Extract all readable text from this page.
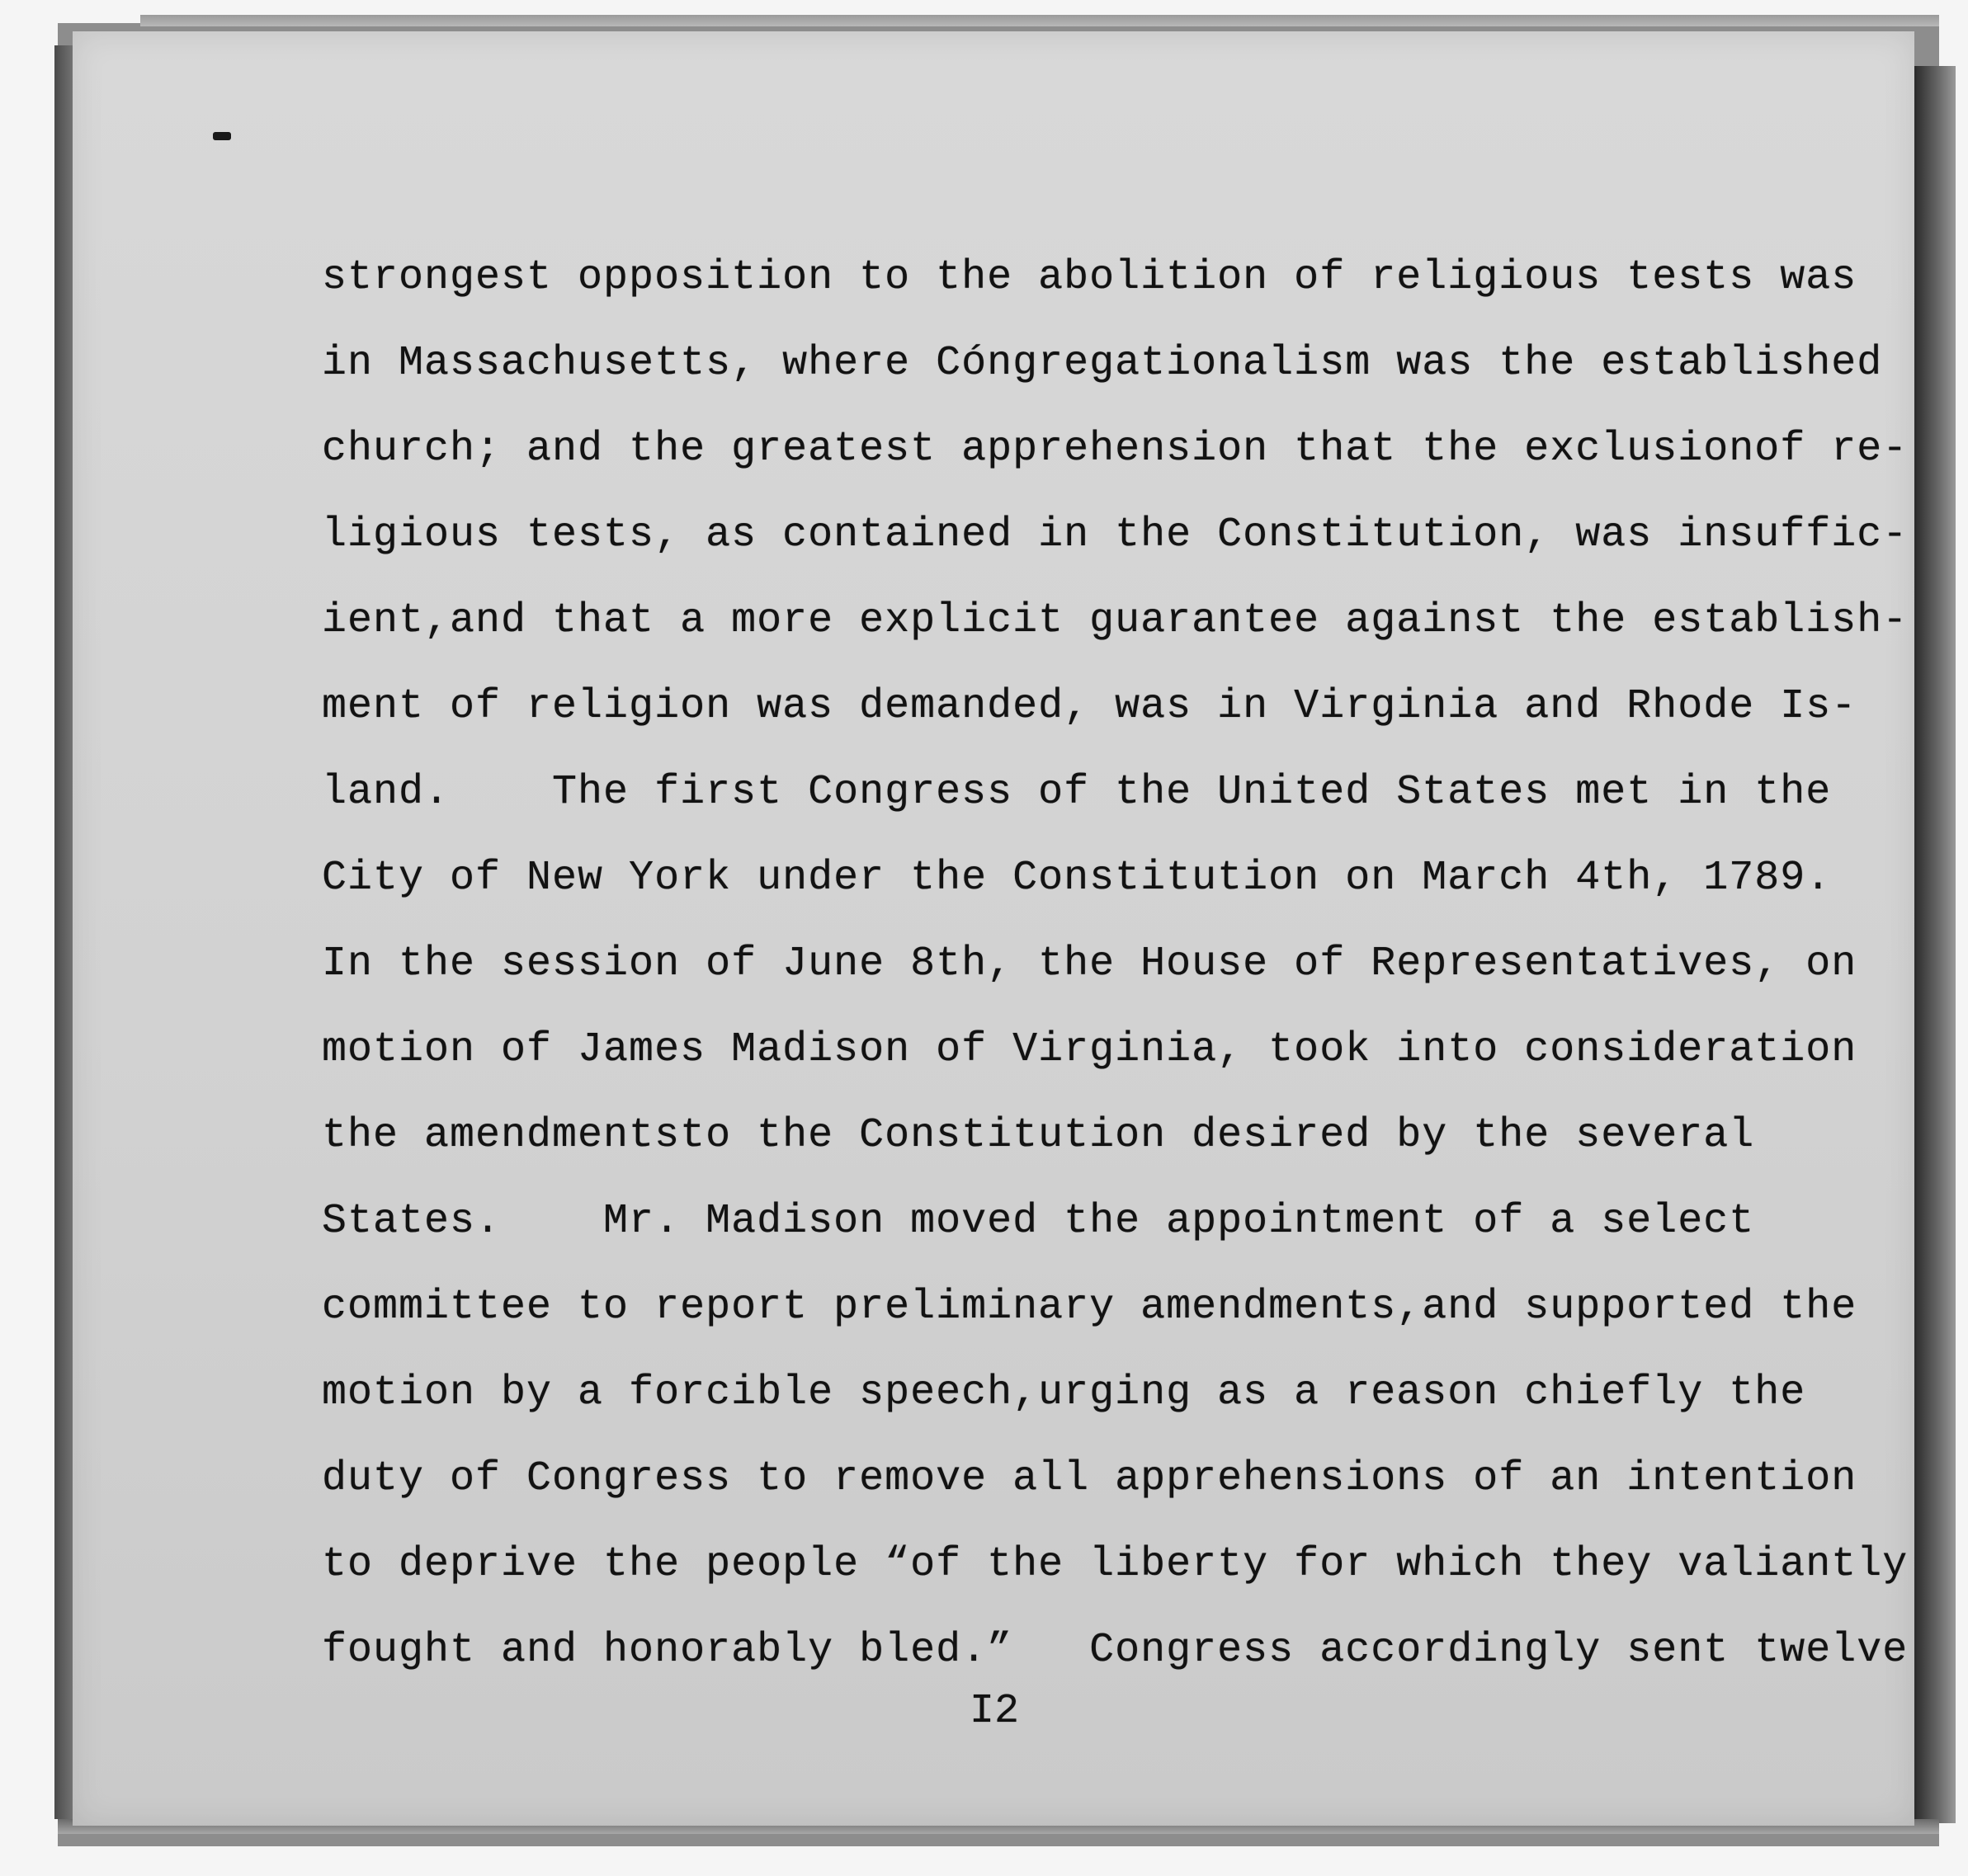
strongest opposition to the abolition of religious tests was
in Massachusetts, where Cóngregationalism was the established
church; and the greatest apprehension that the exclusionof re-
ligious tests, as contained in the Constitution, was insuffic-
ient,and that a more explicit guarantee against the establish-
ment of religion was demanded, was in Virginia and Rhode Is-
land.    The first Congress of the United States met in the
City of New York under the Constitution on March 4th, 1789.
In the session of June 8th, the House of Representatives, on
motion of James Madison of Virginia, took into consideration
the amendmentsto the Constitution desired by the several
States.    Mr. Madison moved the appointment of a select
committee to report preliminary amendments,and supported the
motion by a forcible speech,urging as a reason chiefly the
duty of Congress to remove all apprehensions of an intention
to deprive the people “of the liberty for which they valiantly
fought and honorably bled.”   Congress accordingly sent twelve
I2
